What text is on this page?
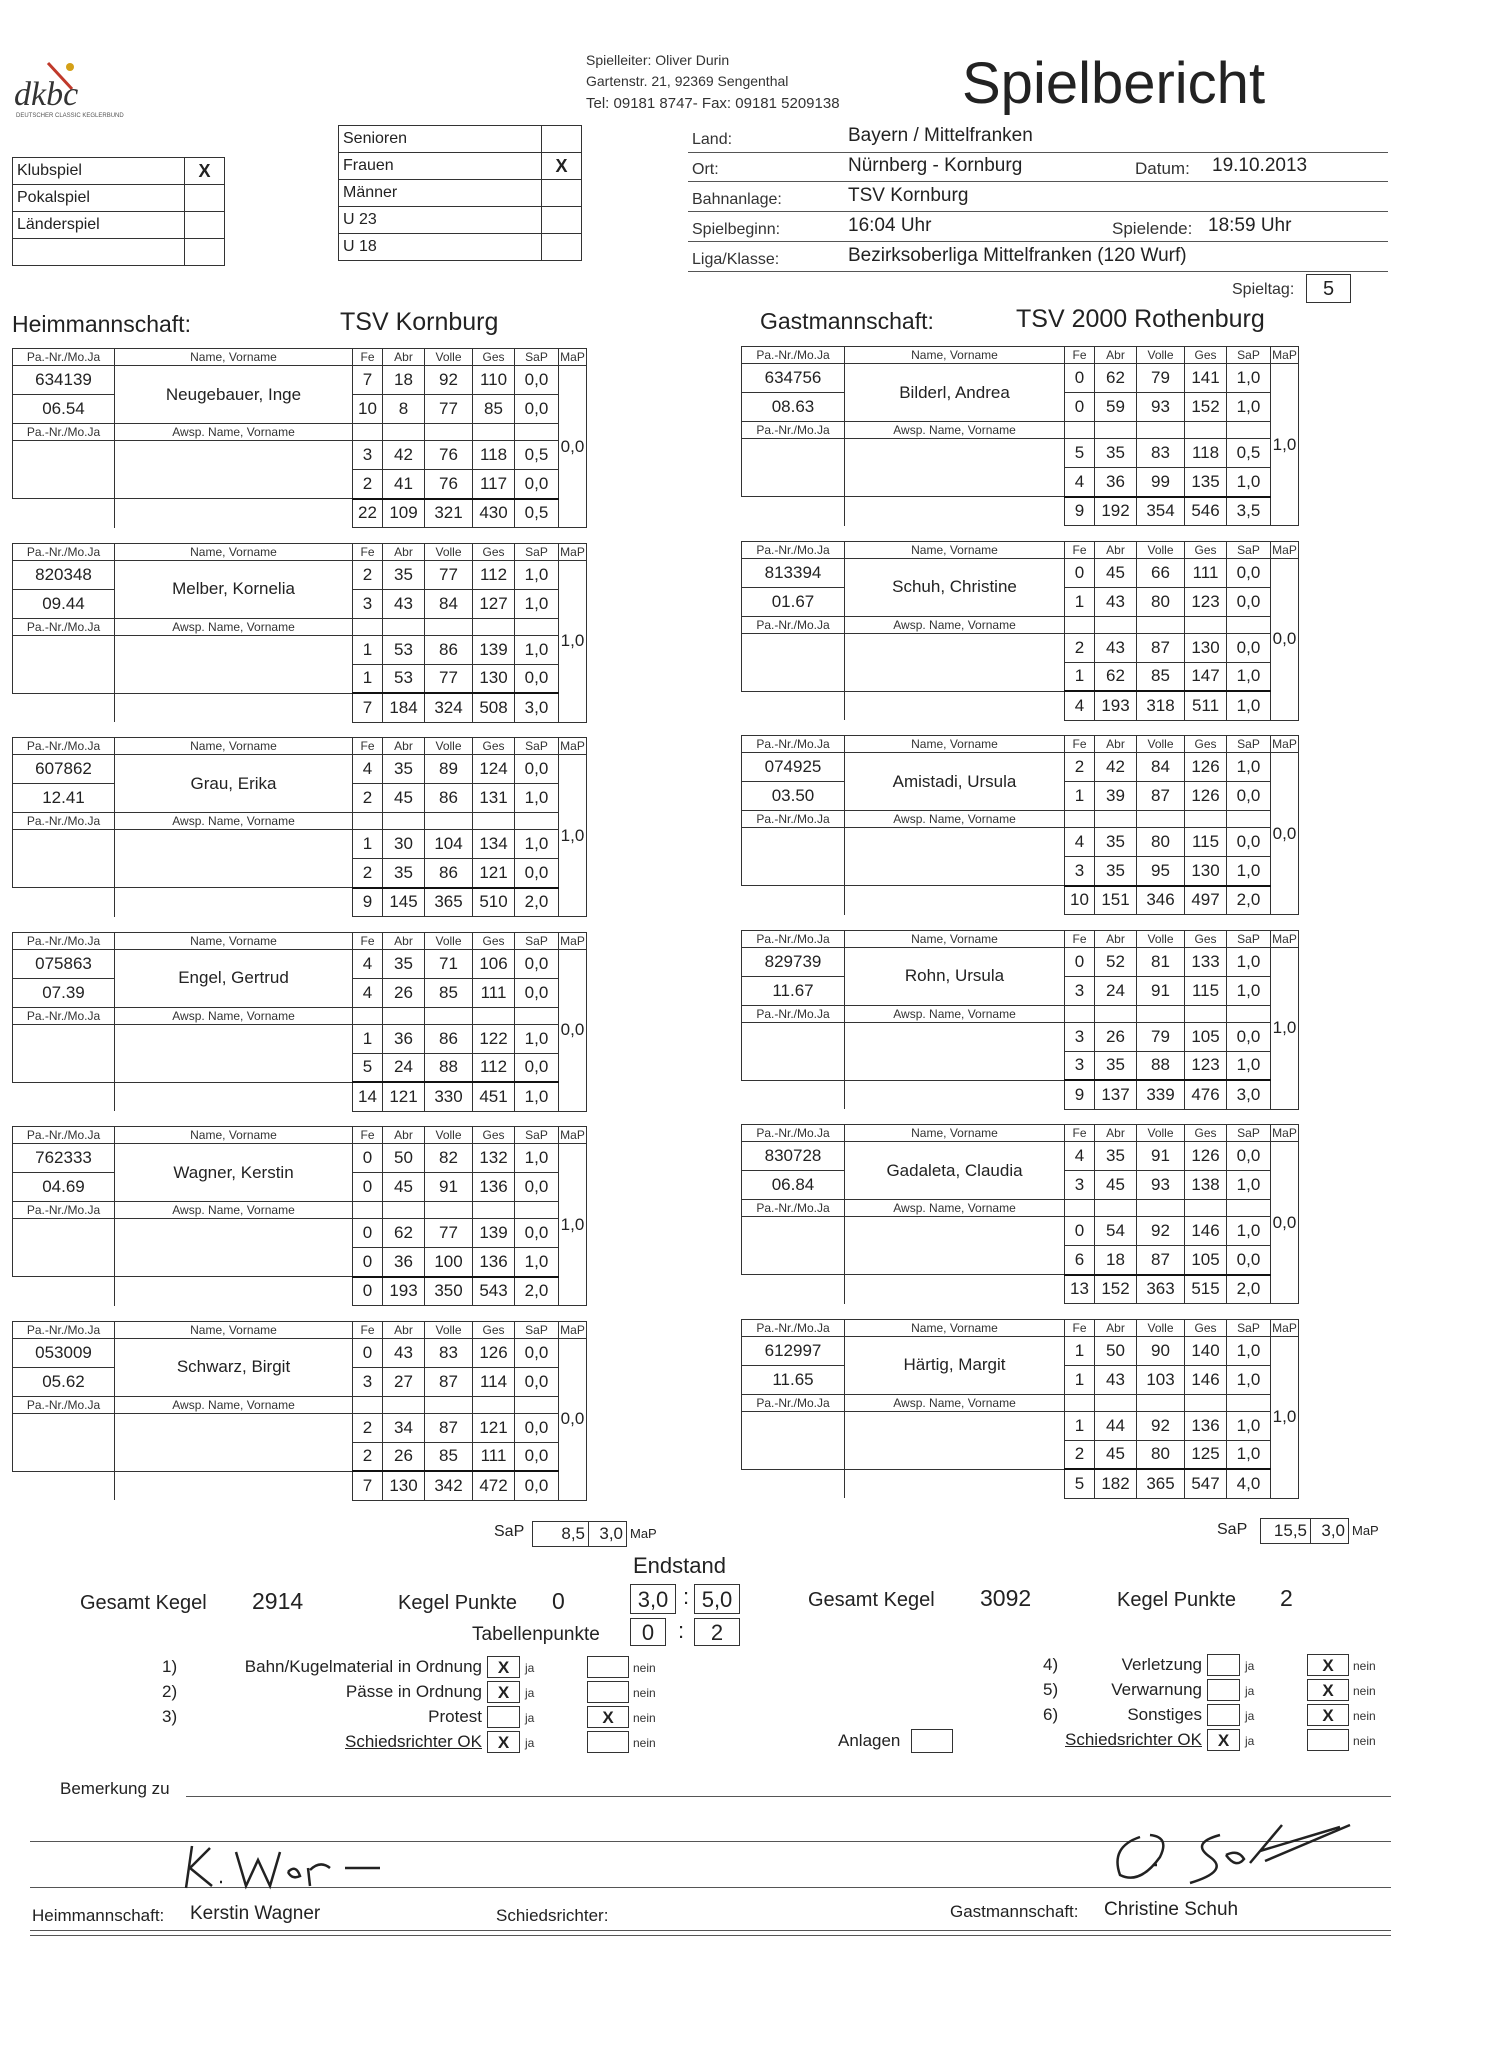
dkbc
DEUTSCHER CLASSIC KEGLERBUND
Spielleiter: Oliver Durin
Gartenstr. 21, 92369 Sengenthal
Tel: 09181 8747- Fax: 09181 5209138 Spielbericht
Klubspiel	X
Pokalspiel	
Länderspiel	

Senioren	
Frauen	X
Männer	
U 23	
U 18	
Land:	Bayern / Mittelfranken
Ort:	Nürnberg - Kornburg	Datum: 19.10.2013
Bahnanlage:	TSV Kornburg
Spielbeginn:	16:04 Uhr	Spielende: 18:59 Uhr
Liga/Klasse:	Bezirksoberliga Mittelfranken (120 Wurf)
Spieltag:	5
Heimmannschaft:	TSV Kornburg	Gastmannschaft:	TSV 2000 Rothenburg
Pa.-Nr./Mo.Ja	Name, Vorname	Fe	Abr	Volle	Ges	SaP	MaP
634139	Neugebauer, Inge	7	18	92	110	0,0	0,0
06.54		10	8	77	85	0,0	
Pa.-Nr./Mo.Ja	Awsp. Name, Vorname						
		3	42	76	118	0,5	
		2	41	76	117	0,0	
		22	109	321	430	0,5	
Pa.-Nr./Mo.Ja	Name, Vorname	Fe	Abr	Volle	Ges	SaP	MaP
820348	Melber, Kornelia	2	35	77	112	1,0	1,0
09.44		3	43	84	127	1,0	
Pa.-Nr./Mo.Ja	Awsp. Name, Vorname						
		1	53	86	139	1,0	
		1	53	77	130	0,0	
		7	184	324	508	3,0	
Pa.-Nr./Mo.Ja	Name, Vorname	Fe	Abr	Volle	Ges	SaP	MaP
607862	Grau, Erika	4	35	89	124	0,0	1,0
12.41		2	45	86	131	1,0	
Pa.-Nr./Mo.Ja	Awsp. Name, Vorname						
		1	30	104	134	1,0	
		2	35	86	121	0,0	
		9	145	365	510	2,0	
Pa.-Nr./Mo.Ja	Name, Vorname	Fe	Abr	Volle	Ges	SaP	MaP
075863	Engel, Gertrud	4	35	71	106	0,0	0,0
07.39		4	26	85	111	0,0	
Pa.-Nr./Mo.Ja	Awsp. Name, Vorname						
		1	36	86	122	1,0	
		5	24	88	112	0,0	
		14	121	330	451	1,0	
Pa.-Nr./Mo.Ja	Name, Vorname	Fe	Abr	Volle	Ges	SaP	MaP
762333	Wagner, Kerstin	0	50	82	132	1,0	1,0
04.69		0	45	91	136	0,0	
Pa.-Nr./Mo.Ja	Awsp. Name, Vorname						
		0	62	77	139	0,0	
		0	36	100	136	1,0	
		0	193	350	543	2,0	
Pa.-Nr./Mo.Ja	Name, Vorname	Fe	Abr	Volle	Ges	SaP	MaP
053009	Schwarz, Birgit	0	43	83	126	0,0	0,0
05.62		3	27	87	114	0,0	
Pa.-Nr./Mo.Ja	Awsp. Name, Vorname						
		2	34	87	121	0,0	
		2	26	85	111	0,0	
		7	130	342	472	0,0	
Pa.-Nr./Mo.Ja	Name, Vorname	Fe	Abr	Volle	Ges	SaP	MaP
634756	Bilderl, Andrea	0	62	79	141	1,0	1,0
08.63		0	59	93	152	1,0	
Pa.-Nr./Mo.Ja	Awsp. Name, Vorname						
		5	35	83	118	0,5	
		4	36	99	135	1,0	
		9	192	354	546	3,5	
Pa.-Nr./Mo.Ja	Name, Vorname	Fe	Abr	Volle	Ges	SaP	MaP
813394	Schuh, Christine	0	45	66	111	0,0	0,0
01.67		1	43	80	123	0,0	
Pa.-Nr./Mo.Ja	Awsp. Name, Vorname						
		2	43	87	130	0,0	
		1	62	85	147	1,0	
		4	193	318	511	1,0	
Pa.-Nr./Mo.Ja	Name, Vorname	Fe	Abr	Volle	Ges	SaP	MaP
074925	Amistadi, Ursula	2	42	84	126	1,0	0,0
03.50		1	39	87	126	0,0	
Pa.-Nr./Mo.Ja	Awsp. Name, Vorname						
		4	35	80	115	0,0	
		3	35	95	130	1,0	
		10	151	346	497	2,0	
Pa.-Nr./Mo.Ja	Name, Vorname	Fe	Abr	Volle	Ges	SaP	MaP
829739	Rohn, Ursula	0	52	81	133	1,0	1,0
11.67		3	24	91	115	1,0	
Pa.-Nr./Mo.Ja	Awsp. Name, Vorname						
		3	26	79	105	0,0	
		3	35	88	123	1,0	
		9	137	339	476	3,0	
Pa.-Nr./Mo.Ja	Name, Vorname	Fe	Abr	Volle	Ges	SaP	MaP
830728	Gadaleta, Claudia	4	35	91	126	0,0	0,0
06.84		3	45	93	138	1,0	
Pa.-Nr./Mo.Ja	Awsp. Name, Vorname						
		0	54	92	146	1,0	
		6	18	87	105	0,0	
		13	152	363	515	2,0	
Pa.-Nr./Mo.Ja	Name, Vorname	Fe	Abr	Volle	Ges	SaP	MaP
612997	Härtig, Margit	1	50	90	140	1,0	1,0
11.65		1	43	103	146	1,0	
Pa.-Nr./Mo.Ja	Awsp. Name, Vorname						
		1	44	92	136	1,0	
		2	45	80	125	1,0	
		5	182	365	547	4,0	
SaP 8,5	3,0 MaP	SaP 15,5	3,0 MaP
Endstand
Gesamt Kegel 2914	Kegel Punkte 0	3,0 : 5,0	Gesamt Kegel 3092	Kegel Punkte 2
Tabellenpunkte	0	:	2
1)	Bahn/Kugelmaterial in Ordnung X	ja	nein
2)	Pässe in Ordnung X	ja	nein
3)	Protest	ja	X	nein
Schiedsrichter OK X	ja	nein
4)	Verletzung	ja	X	nein
5)	Verwarnung	ja	X	nein
6)	Sonstiges	ja	X	nein
Schiedsrichter OK X	ja	nein
Anlagen
Bemerkung zu
Heimmannschaft: Kerstin Wagner	Schiedsrichter:	Gastmannschaft: Christine Schuh
